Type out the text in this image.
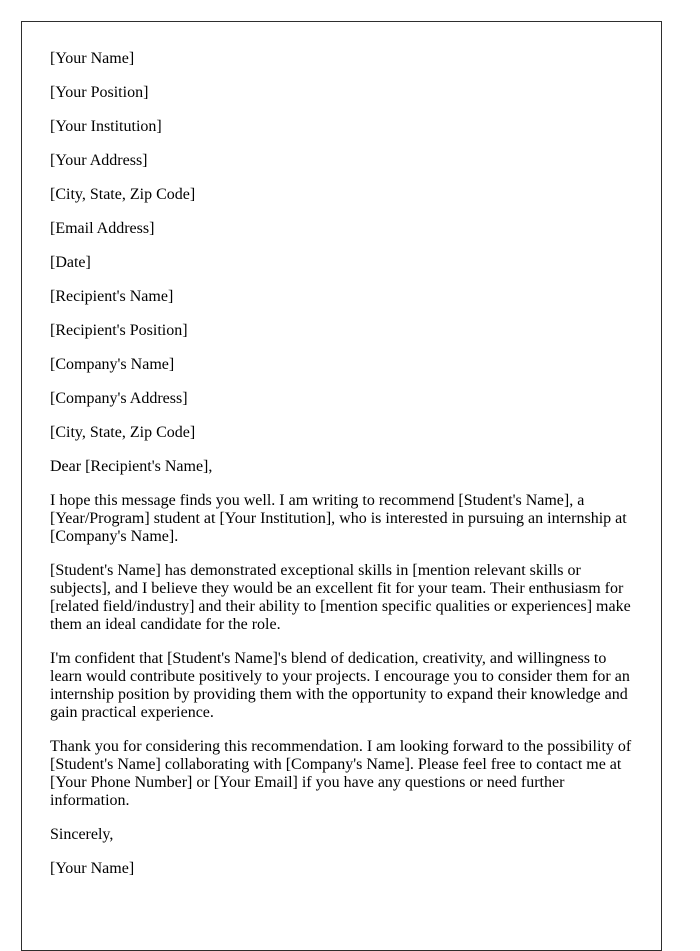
[Your Name]

[Your Position]

[Your Institution]

[Your Address]

[City, State, Zip Code]

[Email Address]

[Date]

[Recipient's Name]

[Recipient's Position]

[Company's Name]

[Company's Address]

[City, State, Zip Code]

Dear [Recipient's Name],

I hope this message finds you well. I am writing to recommend [Student's Name], a [Year/Program] student at [Your Institution], who is interested in pursuing an internship at [Company's Name].

[Student's Name] has demonstrated exceptional skills in [mention relevant skills or subjects], and I believe they would be an excellent fit for your team. Their enthusiasm for [related field/industry] and their ability to [mention specific qualities or experiences] make them an ideal candidate for the role.

I'm confident that [Student's Name]'s blend of dedication, creativity, and willingness to learn would contribute positively to your projects. I encourage you to consider them for an internship position by providing them with the opportunity to expand their knowledge and gain practical experience.

Thank you for considering this recommendation. I am looking forward to the possibility of [Student's Name] collaborating with [Company's Name]. Please feel free to contact me at [Your Phone Number] or [Your Email] if you have any questions or need further information.

Sincerely,

[Your Name]
